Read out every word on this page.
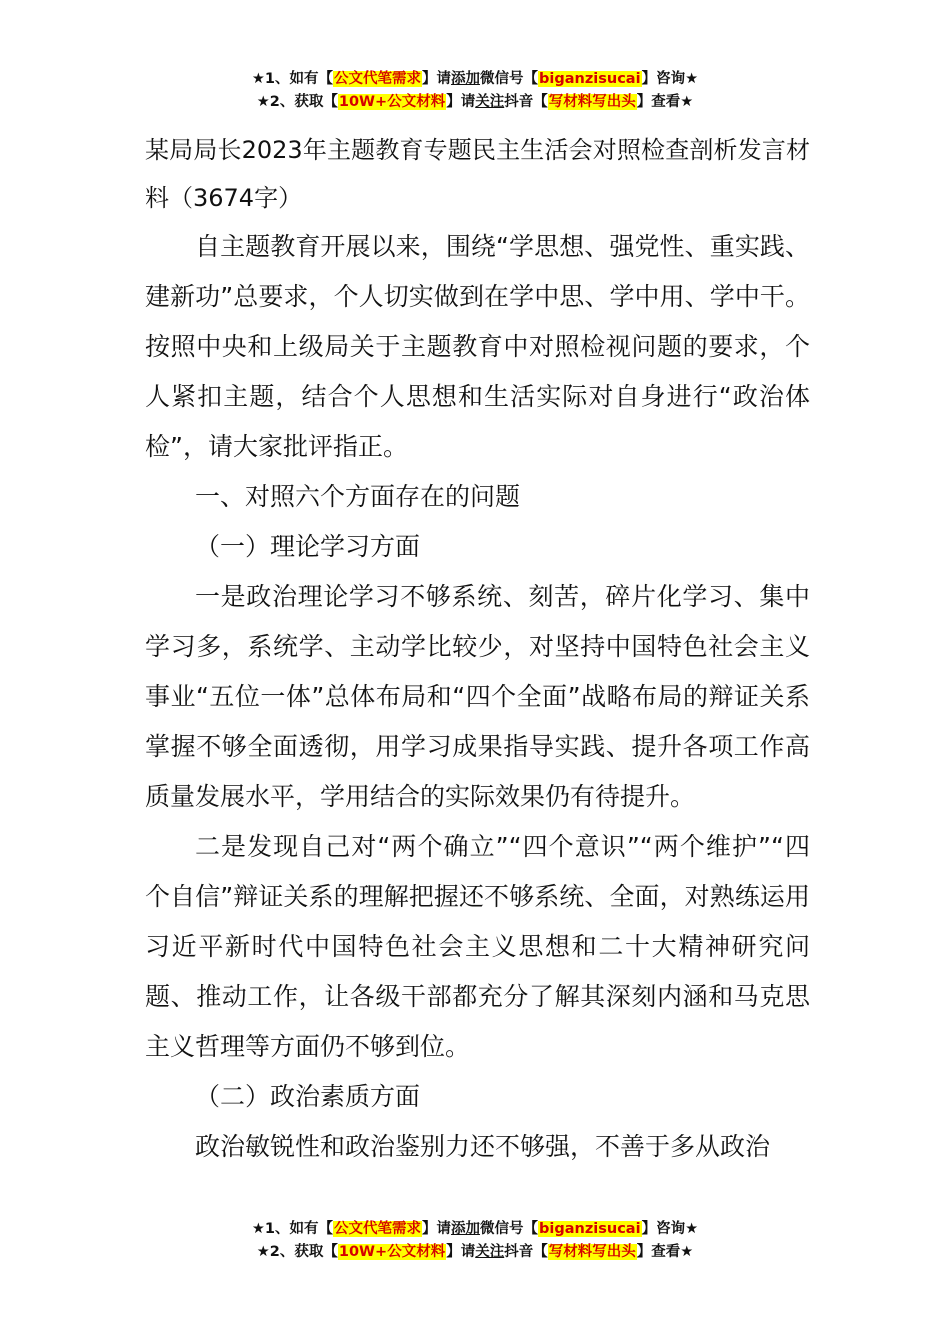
★1、如有【公文代笔需求】请添加微信号【biganzisucai】咨询★
★2、获取【10W+公文材料】请关注抖音【写材料写出头】查看★

某局局长2023年主题教育专题民主生活会对照检查剖析发言材料（3674字）

自主题教育开展以来，围绕“学思想、强党性、重实践、建新功”总要求，个人切实做到在学中思、学中用、学中干。按照中央和上级局关于主题教育中对照检视问题的要求，个人紧扣主题，结合个人思想和生活实际对自身进行“政治体检”，请大家批评指正。

一、对照六个方面存在的问题

（一）理论学习方面

一是政治理论学习不够系统、刻苦，碎片化学习、集中学习多，系统学、主动学比较少，对坚持中国特色社会主义事业“五位一体”总体布局和“四个全面”战略布局的辩证关系掌握不够全面透彻，用学习成果指导实践、提升各项工作高质量发展水平，学用结合的实际效果仍有待提升。

二是发现自己对“两个确立”“四个意识”“两个维护”“四个自信”辩证关系的理解把握还不够系统、全面，对熟练运用习近平新时代中国特色社会主义思想和二十大精神研究问题、推动工作，让各级干部都充分了解其深刻内涵和马克思主义哲理等方面仍不够到位。

（二）政治素质方面

政治敏锐性和政治鉴别力还不够强，不善于多从政治

★1、如有【公文代笔需求】请添加微信号【biganzisucai】咨询★
★2、获取【10W+公文材料】请关注抖音【写材料写出头】查看★
